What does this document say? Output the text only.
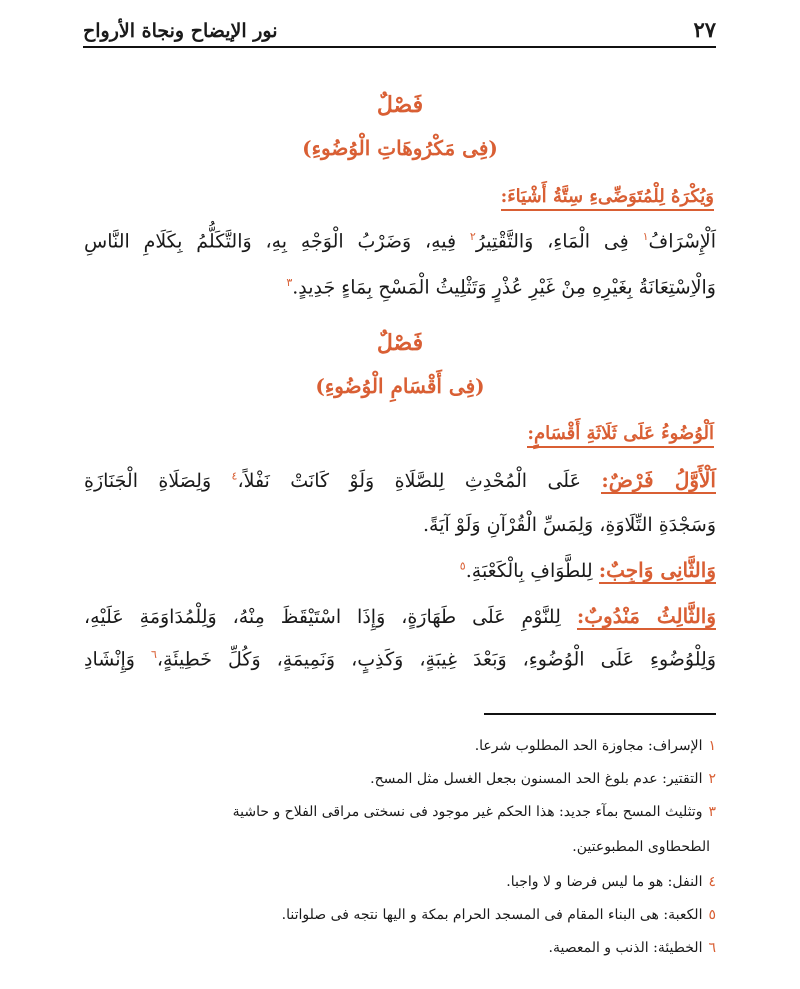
٢٧
نور الإيضاح ونجاة الأرواح
فَصْلٌ
(فِى مَكْرُوهَاتِ الْوُضُوءِ)
وَيُكْرَهُ لِلْمُتَوَضِّىءِ سِتَّةُ أَشْيَاءَ:
اَلْإِسْرَافُ$^١$ فِى الْمَاءِ، وَالتَّقْتِيرُ$^٢$ فِيهِ، وَضَرْبُ الْوَجْهِ بِهِ، وَالتَّكَلُّمُ بِكَلَامِ النَّاسِ
وَالْاِسْتِعَانَةُ بِغَيْرِهِ مِنْ غَيْرِ عُذْرٍ وَتَثْلِيثُ الْمَسْحِ بِمَاءٍ جَدِيدٍ.$^٣$
فَصْلٌ
(فِى أَقْسَامِ الْوُضُوءِ)
اَلْوُضُوءُ عَلَى ثَلَاثَةِ أَقْسَامٍ:
اَلْأَوَّلُ فَرْضٌ: عَلَى الْمُحْدِثِ لِلصَّلَاةِ وَلَوْ كَانَتْ نَفْلاً،$^٤$ وَلِصَلَاةِ الْجَنَازَةِ
وَسَجْدَةِ التِّلَاوَةِ، وَلِمَسِّ الْقُرْآنِ وَلَوْ آيَةً.
وَالثَّانِى وَاجِبٌ: لِلطَّوَافِ بِالْكَعْبَةِ.$^٥$
وَالثَّالِثُ مَنْدُوبٌ: لِلنَّوْمِ عَلَى طَهَارَةٍ، وَإِذَا اسْتَيْقَظَ مِنْهُ، وَلِلْمُدَاوَمَةِ عَلَيْهِ،
وَلِلْوُضُوءِ عَلَى الْوُضُوءِ، وَبَعْدَ غِيبَةٍ، وَكَذِبٍ، وَنَمِيمَةٍ، وَكُلِّ خَطِيئَةٍ،$^٦$ وَإِنْشَادِ
١الإسراف: مجاوزة الحد المطلوب شرعا.
٢التقتير: عدم بلوغ الحد المسنون بجعل الغسل مثل المسح.
٣وتثليث المسح بمآء جديد: هذا الحكم غير موجود فى نسختى مراقى الفلاح و حاشية
الطحطاوى المطبوعتين.
٤النفل: هو ما ليس فرضا و لا واجبا.
٥الكعبة: هى البناء المقام فى المسجد الحرام بمكة و اليها نتجه فى صلواتنا.
٦الخطيئة: الذنب و المعصية.
